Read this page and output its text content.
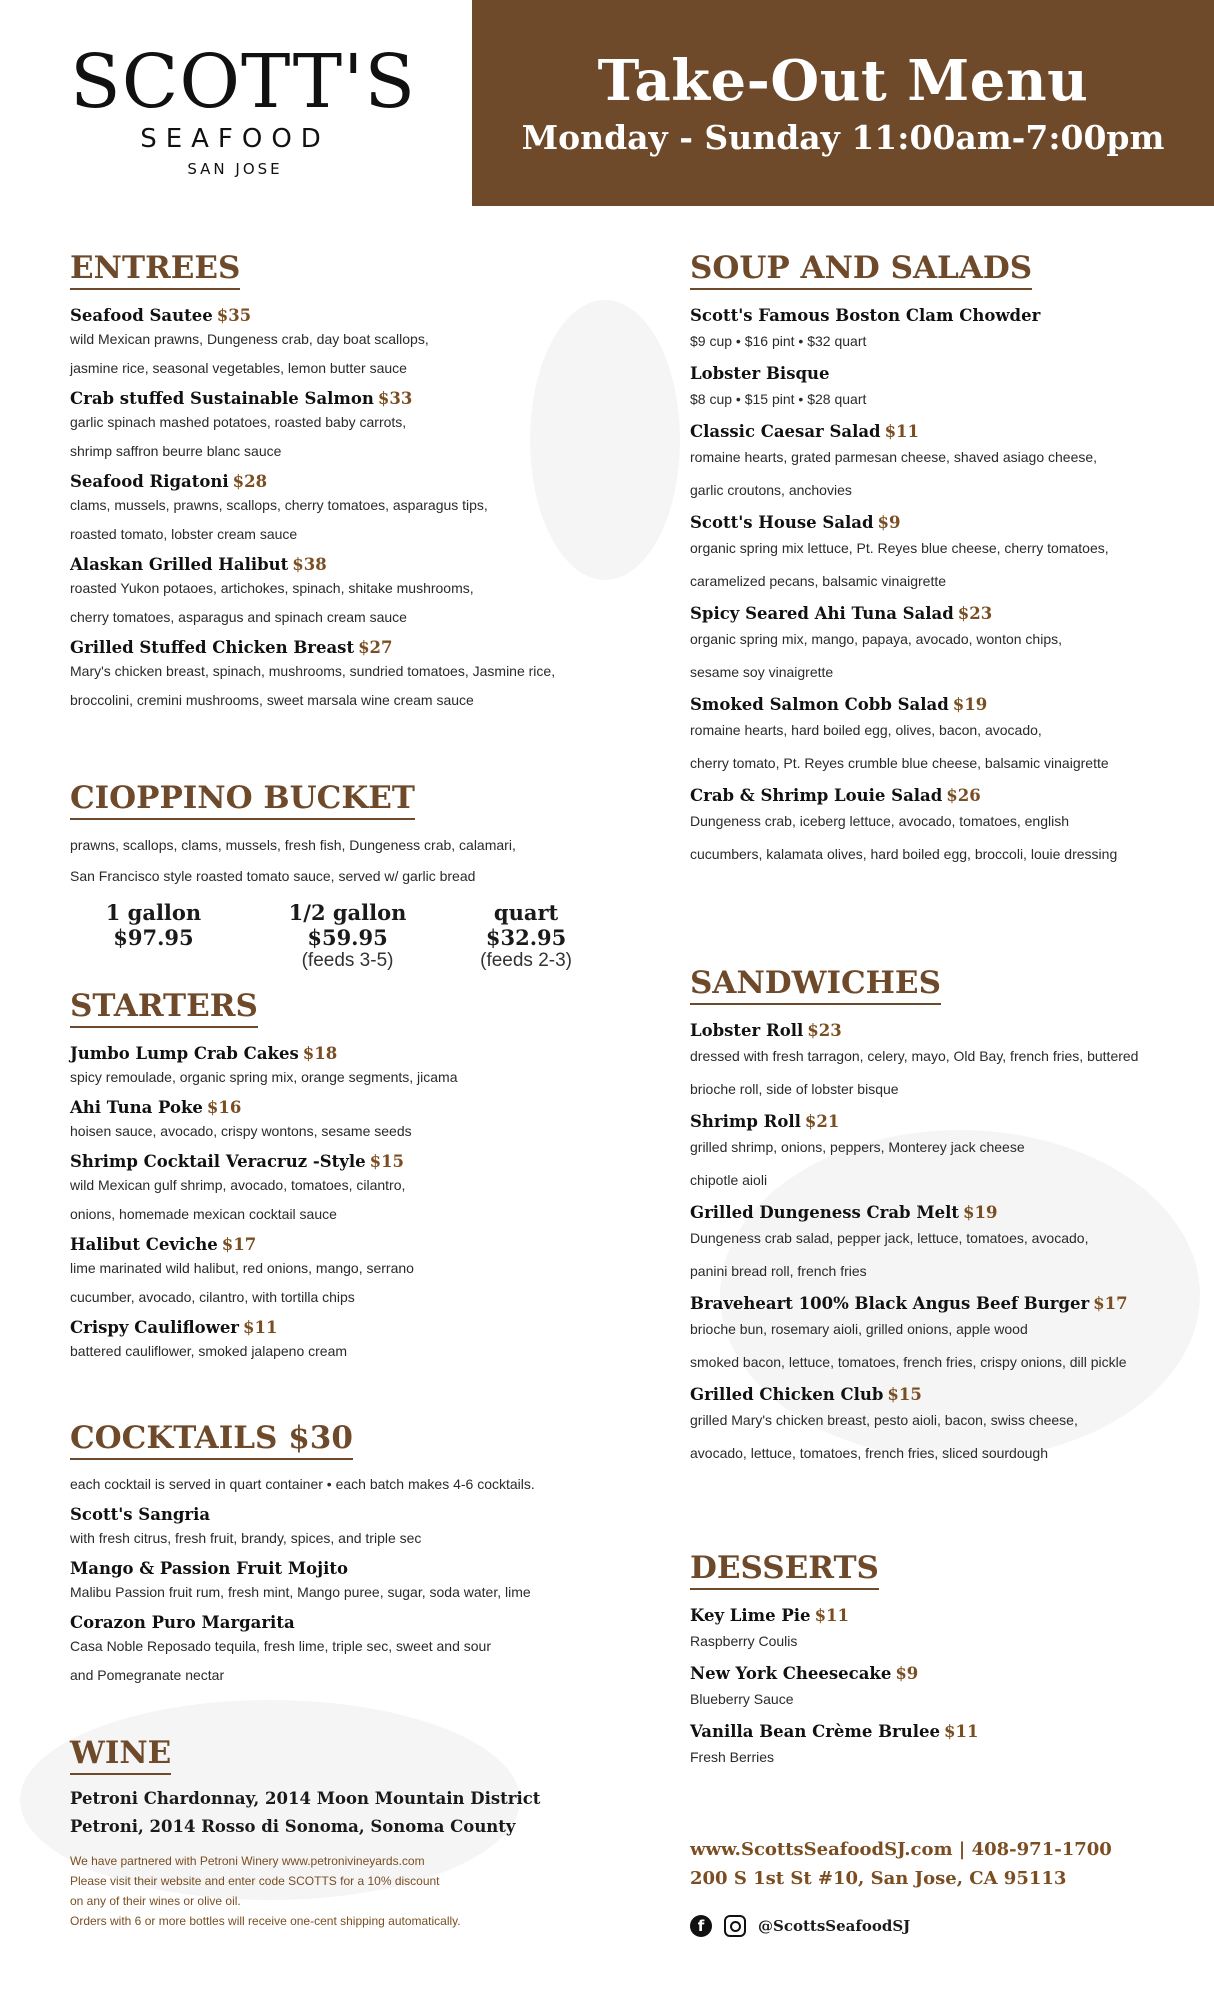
SCOTT'S
SEAFOOD
SAN JOSE
Take-Out Menu
Monday - Sunday 11:00am-7:00pm
ENTREES
Seafood Sautee $35
wild Mexican prawns, Dungeness crab, day boat scallops,
jasmine rice, seasonal vegetables, lemon butter sauce
Crab stuffed Sustainable Salmon $33
garlic spinach mashed potatoes, roasted baby carrots,
shrimp saffron beurre blanc sauce
Seafood Rigatoni $28
clams, mussels, prawns, scallops, cherry tomatoes, asparagus tips,
roasted tomato, lobster cream sauce
Alaskan Grilled Halibut $38
roasted Yukon potaoes, artichokes, spinach, shitake mushrooms,
cherry tomatoes, asparagus and spinach cream sauce
Grilled Stuffed Chicken Breast $27
Mary's chicken breast, spinach, mushrooms, sundried tomatoes, Jasmine rice,
broccolini, cremini mushrooms, sweet marsala wine cream sauce
CIOPPINO BUCKET
prawns, scallops, clams, mussels, fresh fish, Dungeness crab, calamari,
San Francisco style roasted tomato sauce, served w/ garlic bread
1 gallon $97.95
1/2 gallon $59.95
(feeds 3-5)
quart $32.95
(feeds 2-3)
STARTERS
Jumbo Lump Crab Cakes $18
spicy remoulade, organic spring mix, orange segments, jicama
Ahi Tuna Poke $16
hoisen sauce, avocado, crispy wontons, sesame seeds
Shrimp Cocktail Veracruz -Style $15
wild Mexican gulf shrimp, avocado, tomatoes, cilantro,
onions, homemade mexican cocktail sauce
Halibut Ceviche $17
lime marinated wild halibut, red onions, mango, serrano
cucumber, avocado, cilantro, with tortilla chips
Crispy Cauliflower $11
battered cauliflower, smoked jalapeno cream
COCKTAILS $30
each cocktail is served in quart container • each batch makes 4-6 cocktails.
Scott's Sangria
with fresh citrus, fresh fruit, brandy, spices, and triple sec
Mango & Passion Fruit Mojito
Malibu Passion fruit rum, fresh mint, Mango puree, sugar, soda water, lime
Corazon Puro Margarita
Casa Noble Reposado tequila, fresh lime, triple sec, sweet and sour
and Pomegranate nectar
WINE
Petroni Chardonnay, 2014 Moon Mountain District
Petroni, 2014 Rosso di Sonoma, Sonoma County
We have partnered with Petroni Winery www.petronivineyards.com
Please visit their website and enter code SCOTTS for a 10% discount
on any of their wines or olive oil.
Orders with 6 or more bottles will receive one-cent shipping automatically.
SOUP AND SALADS
Scott's Famous Boston Clam Chowder
$9 cup • $16 pint • $32 quart
Lobster Bisque
$8 cup • $15 pint • $28 quart
Classic Caesar Salad $11
romaine hearts, grated parmesan cheese, shaved asiago cheese,
garlic croutons, anchovies
Scott's House Salad $9
organic spring mix lettuce, Pt. Reyes blue cheese, cherry tomatoes,
caramelized pecans, balsamic vinaigrette
Spicy Seared Ahi Tuna Salad $23
organic spring mix, mango, papaya, avocado, wonton chips,
sesame soy vinaigrette
Smoked Salmon Cobb Salad $19
romaine hearts, hard boiled egg, olives, bacon, avocado,
cherry tomato, Pt. Reyes crumble blue cheese, balsamic vinaigrette
Crab & Shrimp Louie Salad $26
Dungeness crab, iceberg lettuce, avocado, tomatoes, english
cucumbers, kalamata olives, hard boiled egg, broccoli, louie dressing
SANDWICHES
Lobster Roll $23
dressed with fresh tarragon, celery, mayo, Old Bay, french fries, buttered
brioche roll, side of lobster bisque
Shrimp Roll $21
grilled shrimp, onions, peppers, Monterey jack cheese
chipotle aioli
Grilled Dungeness Crab Melt $19
Dungeness crab salad, pepper jack, lettuce, tomatoes, avocado,
panini bread roll, french fries
Braveheart 100% Black Angus Beef Burger $17
brioche bun, rosemary aioli, grilled onions, apple wood
smoked bacon, lettuce, tomatoes, french fries, crispy onions, dill pickle
Grilled Chicken Club $15
grilled Mary's chicken breast, pesto aioli, bacon, swiss cheese,
avocado, lettuce, tomatoes, french fries, sliced sourdough
DESSERTS
Key Lime Pie $11
Raspberry Coulis
New York Cheesecake $9
Blueberry Sauce
Vanilla Bean Crème Brulee $11
Fresh Berries
www.ScottsSeafoodSJ.com | 408-971-1700
200 S 1st St #10, San Jose, CA 95113
f	@ScottsSeafoodSJ
